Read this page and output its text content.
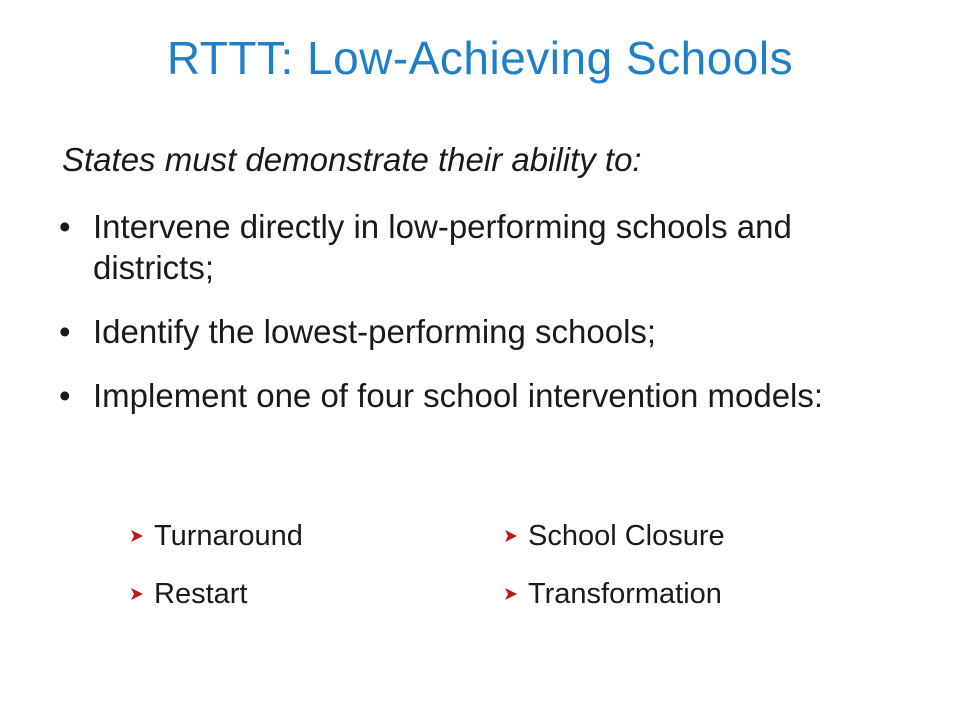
RTTT: Low-Achieving Schools
States must demonstrate their ability to:
• Intervene directly in low-performing schools and districts;
• Identify the lowest-performing schools;
• Implement one of four school intervention models:
Turnaround
Restart
School Closure
Transformation
